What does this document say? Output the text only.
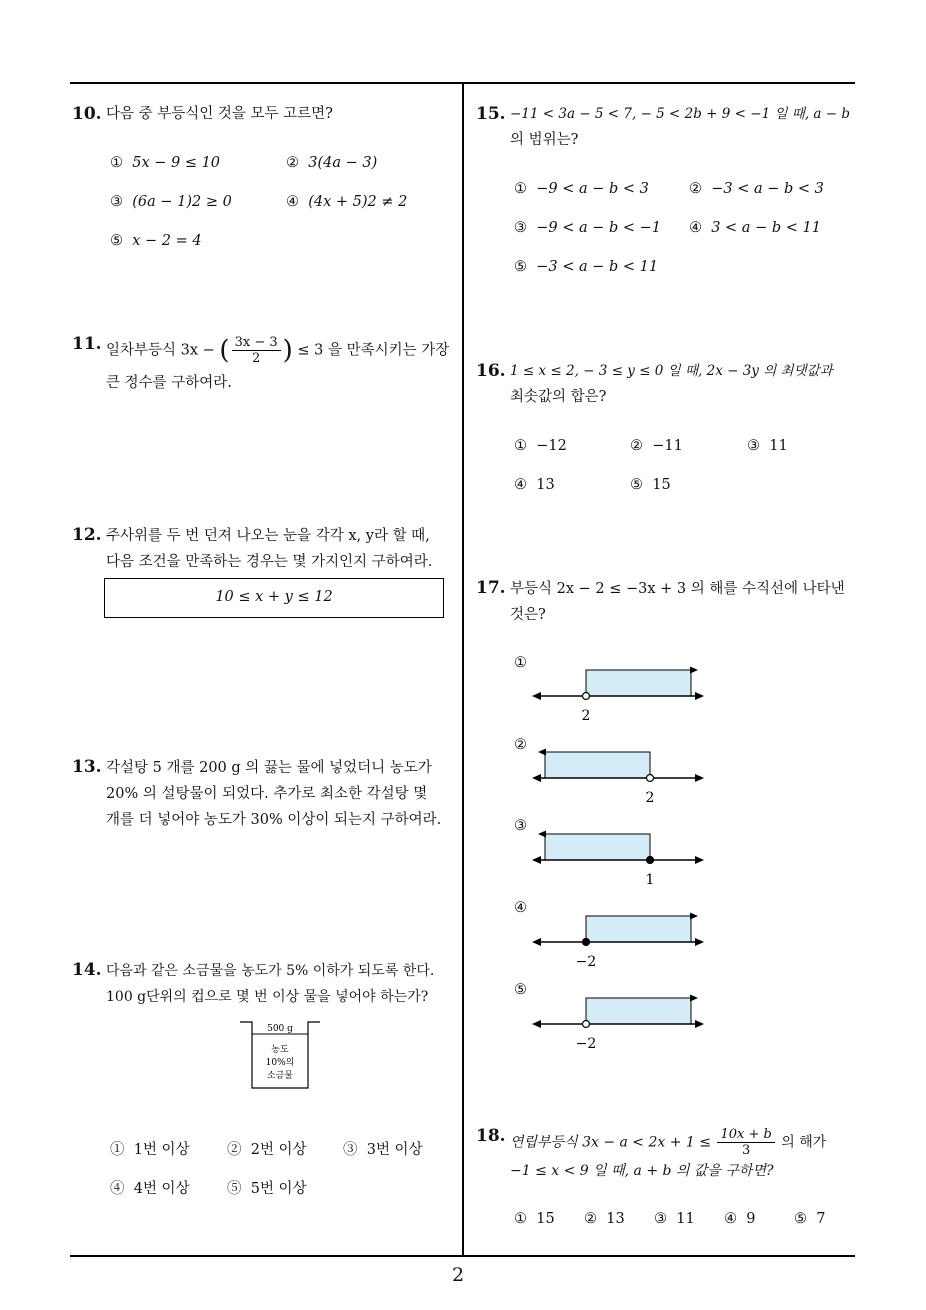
2
10. 다음 중 부등식인 것을 모두 고르면?
① 5x − 9 ≤ 10	② 3(4a − 3)
③ (6a − 1)2 ≥ 0	④ (4x + 5)2 ≠ 2
⑤ x − 2 = 4
11. 일차부등식 3x − ( $\frac{3x - 3}{2}$ ) ≤ 3 을 만족시키는 가장
큰 정수를 구하여라.
12. 주사위를 두 번 던져 나오는 눈을 각각 x, y라 할 때,
다음 조건을 만족하는 경우는 몇 가지인지 구하여라.
10 ≤ x + y ≤ 12
13. 각설탕 5 개를 200 g 의 끓는 물에 넣었더니 농도가
20% 의 설탕물이 되었다. 추가로 최소한 각설탕 몇
개를 더 넣어야 농도가 30% 이상이 되는지 구하여라.
14. 다음과 같은 소금물을 농도가 5% 이하가 되도록 한다.
100 g단위의 컵으로 몇 번 이상 물을 넣어야 하는가?
500 g
농도
10%의
소금물
① 1번 이상	② 2번 이상	③ 3번 이상
④ 4번 이상	⑤ 5번 이상
15. −11 < 3a − 5 < 7, − 5 < 2b + 9 < −1 일 때, a − b
의 범위는?
① −9 < a − b < 3	② −3 < a − b < 3
③ −9 < a − b < −1 ④ 3 < a − b < 11
⑤ −3 < a − b < 11
16. 1 ≤ x ≤ 2, − 3 ≤ y ≤ 0 일 때, 2x − 3y 의 최댓값과
최솟값의 합은?
① −12	② −11	③ 11
④ 13	⑤ 15
17. 부등식 2x − 2 ≤ −3x + 3 의 해를 수직선에 나타낸
것은?
①
②
③
④
⑤
2
2
1
−2
−2
18. 연립부등식 $3x - a < 2x + 1 \le \frac{10x + b}{3}$ 의 해가
−1 ≤ x < 9 일 때, a + b 의 값을 구하면?
① 15 ② 13 ③ 11 ④ 9	⑤ 7
